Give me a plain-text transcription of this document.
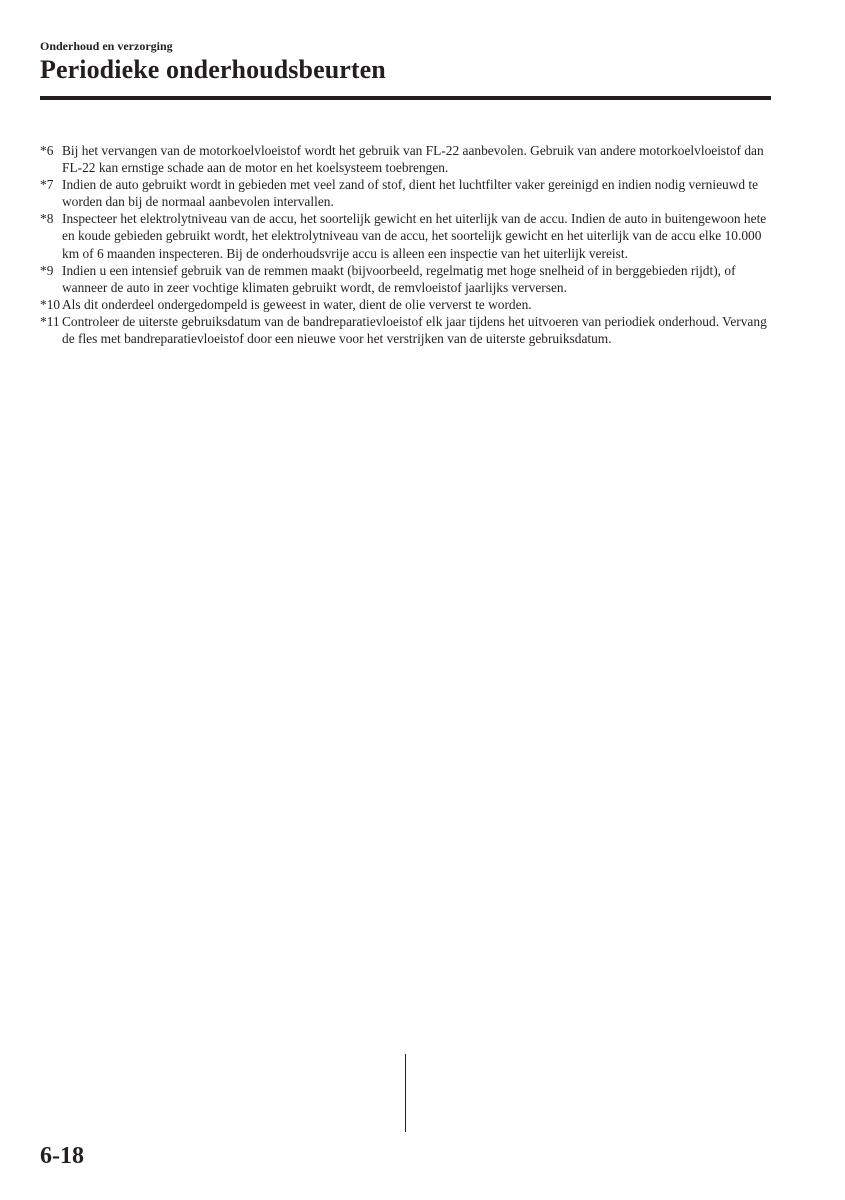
Onderhoud en verzorging
Periodieke onderhoudsbeurten
*6 Bij het vervangen van de motorkoelvloeistof wordt het gebruik van FL-22 aanbevolen. Gebruik van andere motorkoelvloeistof dan FL-22 kan ernstige schade aan de motor en het koelsysteem toebrengen.
*7 Indien de auto gebruikt wordt in gebieden met veel zand of stof, dient het luchtfilter vaker gereinigd en indien nodig vernieuwd te worden dan bij de normaal aanbevolen intervallen.
*8 Inspecteer het elektrolytniveau van de accu, het soortelijk gewicht en het uiterlijk van de accu. Indien de auto in buitengewoon hete en koude gebieden gebruikt wordt, het elektrolytniveau van de accu, het soortelijk gewicht en het uiterlijk van de accu elke 10.000 km of 6 maanden inspecteren. Bij de onderhoudsvrije accu is alleen een inspectie van het uiterlijk vereist.
*9 Indien u een intensief gebruik van de remmen maakt (bijvoorbeeld, regelmatig met hoge snelheid of in berggebieden rijdt), of wanneer de auto in zeer vochtige klimaten gebruikt wordt, de remvloeistof jaarlijks verversen.
*10 Als dit onderdeel ondergedompeld is geweest in water, dient de olie ververst te worden.
*11 Controleer de uiterste gebruiksdatum van de bandreparatievloeistof elk jaar tijdens het uitvoeren van periodiek onderhoud. Vervang de fles met bandreparatievloeistof door een nieuwe voor het verstrijken van de uiterste gebruiksdatum.
6-18
